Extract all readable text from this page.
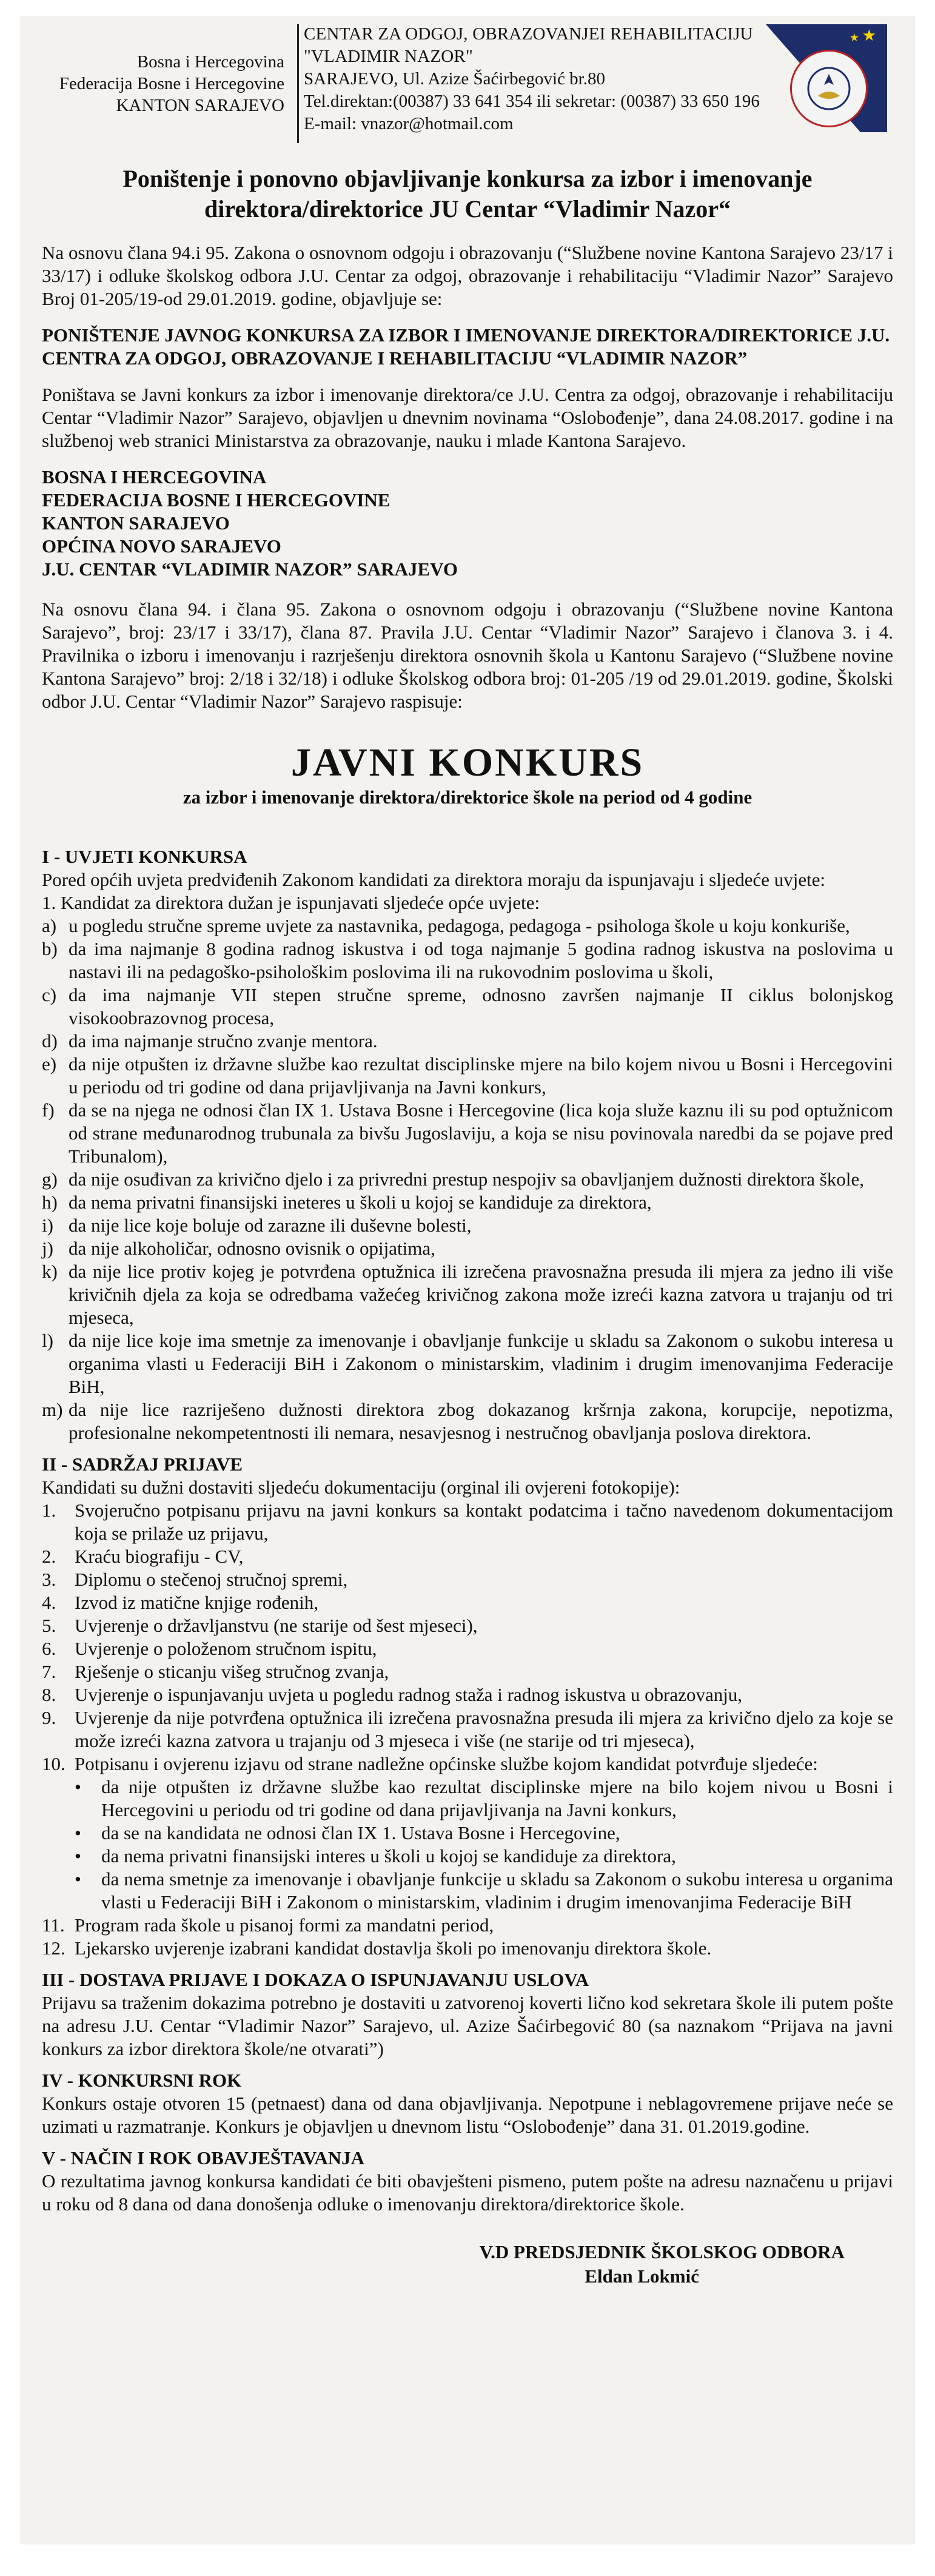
Bosna i Hercegovina
Federacija Bosne i Hercegovine
KANTON SARAJEVO
CENTAR ZA ODGOJ, OBRAZOVANJEI REHABILITACIJU
"VLADIMIR NAZOR"
SARAJEVO, Ul. Azize Šaćirbegović br.80
Tel.direktan:(00387) 33 641 354 ili sekretar: (00387) 33 650 196
E-mail: vnazor@hotmail.com
★
★
Poništenje i ponovno objavljivanje konkursa za izbor i imenovanje direktora/direktorice JU Centar “Vladimir Nazor“

Na osnovu člana 94.i 95. Zakona o osnovnom odgoju i obrazovanju (“Službene novine Kantona Sarajevo 23/17 i 33/17) i odluke školskog odbora J.U. Centar za odgoj, obrazovanje i rehabilitaciju “Vladimir Nazor” Sarajevo Broj 01-205/19-od 29.01.2019. godine, objavljuje se:

PONIŠTENJE JAVNOG KONKURSA ZA IZBOR I IMENOVANJE DIREKTORA/DIREKTORICE J.U. CENTRA ZA ODGOJ, OBRAZOVANJE I REHABILITACIJU “VLADIMIR NAZOR”

Poništava se Javni konkurs za izbor i imenovanje direktora/ce J.U. Centra za odgoj, obrazovanje i rehabilitaciju Centar “Vladimir Nazor” Sarajevo, objavljen u dnevnim novinama “Oslobođenje”, dana 24.08.2017. godine i na službenoj web stranici Ministarstva za obrazovanje, nauku i mlade Kantona Sarajevo.

BOSNA I HERCEGOVINA
FEDERACIJA BOSNE I HERCEGOVINE
KANTON SARAJEVO
OPĆINA NOVO SARAJEVO
J.U. CENTAR “VLADIMIR NAZOR” SARAJEVO

Na osnovu člana 94. i člana 95. Zakona o osnovnom odgoju i obrazovanju (“Službene novine Kantona Sarajevo”, broj: 23/17 i 33/17), člana 87. Pravila J.U. Centar “Vladimir Nazor” Sarajevo i članova 3. i 4. Pravilnika o izboru i imenovanju i razrješenju direktora osnovnih škola u Kantonu Sarajevo (“Službene novine Kantona Sarajevo” broj: 2/18 i 32/18) i odluke Školskog odbora broj: 01-205 /19 od 29.01.2019. godine, Školski odbor J.U. Centar “Vladimir Nazor” Sarajevo raspisuje:

JAVNI KONKURS
za izbor i imenovanje direktora/direktorice škole na period od 4 godine
I - UVJETI KONKURSA
Pored općih uvjeta predviđenih Zakonom kandidati za direktora moraju da ispunjavaju i sljedeće uvjete:
1. Kandidat za direktora dužan je ispunjavati sljedeće opće uvjete:
a) u pogledu stručne spreme uvjete za nastavnika, pedagoga, pedagoga - psihologa škole u koju konkuriše,
b) da ima najmanje 8 godina radnog iskustva i od toga najmanje 5 godina radnog iskustva na poslovima u nastavi ili na pedagoško-psihološkim poslovima ili na rukovodnim poslovima u školi,
c) da ima najmanje VII stepen stručne spreme, odnosno završen najmanje II ciklus bolonjskog visokoobrazovnog procesa,
d) da ima najmanje stručno zvanje mentora.
e) da nije otpušten iz državne službe kao rezultat disciplinske mjere na bilo kojem nivou u Bosni i Hercegovini u periodu od tri godine od dana prijavljivanja na Javni konkurs,
f) da se na njega ne odnosi član IX 1. Ustava Bosne i Hercegovine (lica koja služe kaznu ili su pod optužnicom od strane međunarodnog trubunala za bivšu Jugoslaviju, a koja se nisu povinovala naredbi da se pojave pred Tribunalom),
g) da nije osuđivan za krivično djelo i za privredni prestup nespojiv sa obavljanjem dužnosti direktora škole,
h) da nema privatni finansijski ineteres u školi u kojoj se kandiduje za direktora,
i) da nije lice koje boluje od zarazne ili duševne bolesti,
j) da nije alkoholičar, odnosno ovisnik o opijatima,
k) da nije lice protiv kojeg je potvrđena optužnica ili izrečena pravosnažna presuda ili mjera za jedno ili više krivičnih djela za koja se odredbama važećeg krivičnog zakona može izreći kazna zatvora u trajanju od tri mjeseca,
l) da nije lice koje ima smetnje za imenovanje i obavljanje funkcije u skladu sa Zakonom o sukobu interesa u organima vlasti u Federaciji BiH i Zakonom o ministarskim, vladinim i drugim imenovanjima Federacije BiH,
m) da nije lice razriješeno dužnosti direktora zbog dokazanog kršrnja zakona, korupcije, nepotizma, profesionalne nekompetentnosti ili nemara, nesavjesnog i nestručnog obavljanja poslova direktora.
II - SADRŽAJ PRIJAVE
Kandidati su dužni dostaviti sljedeću dokumentaciju (orginal ili ovjereni fotokopije):
1. Svojeručno potpisanu prijavu na javni konkurs sa kontakt podatcima i tačno navedenom dokumentacijom koja se prilaže uz prijavu,
2. Kraću biografiju - CV,
3. Diplomu o stečenoj stručnoj spremi,
4. Izvod iz matične knjige rođenih,
5. Uvjerenje o državljanstvu (ne starije od šest mjeseci),
6. Uvjerenje o položenom stručnom ispitu,
7. Rješenje o sticanju višeg stručnog zvanja,
8. Uvjerenje o ispunjavanju uvjeta u pogledu radnog staža i radnog iskustva u obrazovanju,
9. Uvjerenje da nije potvrđena optužnica ili izrečena pravosnažna presuda ili mjera za krivično djelo za koje se može izreći kazna zatvora u trajanju od 3 mjeseca i više (ne starije od tri mjeseca),
10. Potpisanu i ovjerenu izjavu od strane nadležne općinske službe kojom kandidat potvrđuje sljedeće:
•	da nije otpušten iz državne službe kao rezultat disciplinske mjere na bilo kojem nivou u Bosni i Hercegovini u periodu od tri godine od dana prijavljivanja na Javni konkurs,
•	da se na kandidata ne odnosi član IX 1. Ustava Bosne i Hercegovine,
•	da nema privatni finansijski interes u školi u kojoj se kandiduje za direktora,
•	da nema smetnje za imenovanje i obavljanje funkcije u skladu sa Zakonom o sukobu interesa u organima vlasti u Federaciji BiH i Zakonom o ministarskim, vladinim i drugim imenovanjima Federacije BiH
11. Program rada škole u pisanoj formi za mandatni period,
12. Ljekarsko uvjerenje izabrani kandidat dostavlja školi po imenovanju direktora škole.
III - DOSTAVA PRIJAVE I DOKAZA O ISPUNJAVANJU USLOVA

Prijavu sa traženim dokazima potrebno je dostaviti u zatvorenoj koverti lično kod sekretara škole ili putem pošte na adresu J.U. Centar “Vladimir Nazor” Sarajevo, ul. Azize Šaćirbegović 80 (sa naznakom “Prijava na javni konkurs za izbor direktora škole/ne otvarati”)

IV - KONKURSNI ROK

Konkurs ostaje otvoren 15 (petnaest) dana od dana objavljivanja. Nepotpune i neblagovremene prijave neće se uzimati u razmatranje. Konkurs je objavljen u dnevnom listu “Oslobođenje” dana 31. 01.2019.godine.

V - NAČIN I ROK OBAVJEŠTAVANJA

O rezultatima javnog konkursa kandidati će biti obavješteni pismeno, putem pošte na adresu naznačenu u prijavi u roku od 8 dana od dana donošenja odluke o imenovanju direktora/direktorice škole.

V.D PREDSJEDNIK ŠKOLSKOG ODBORA
Eldan Lokmić
